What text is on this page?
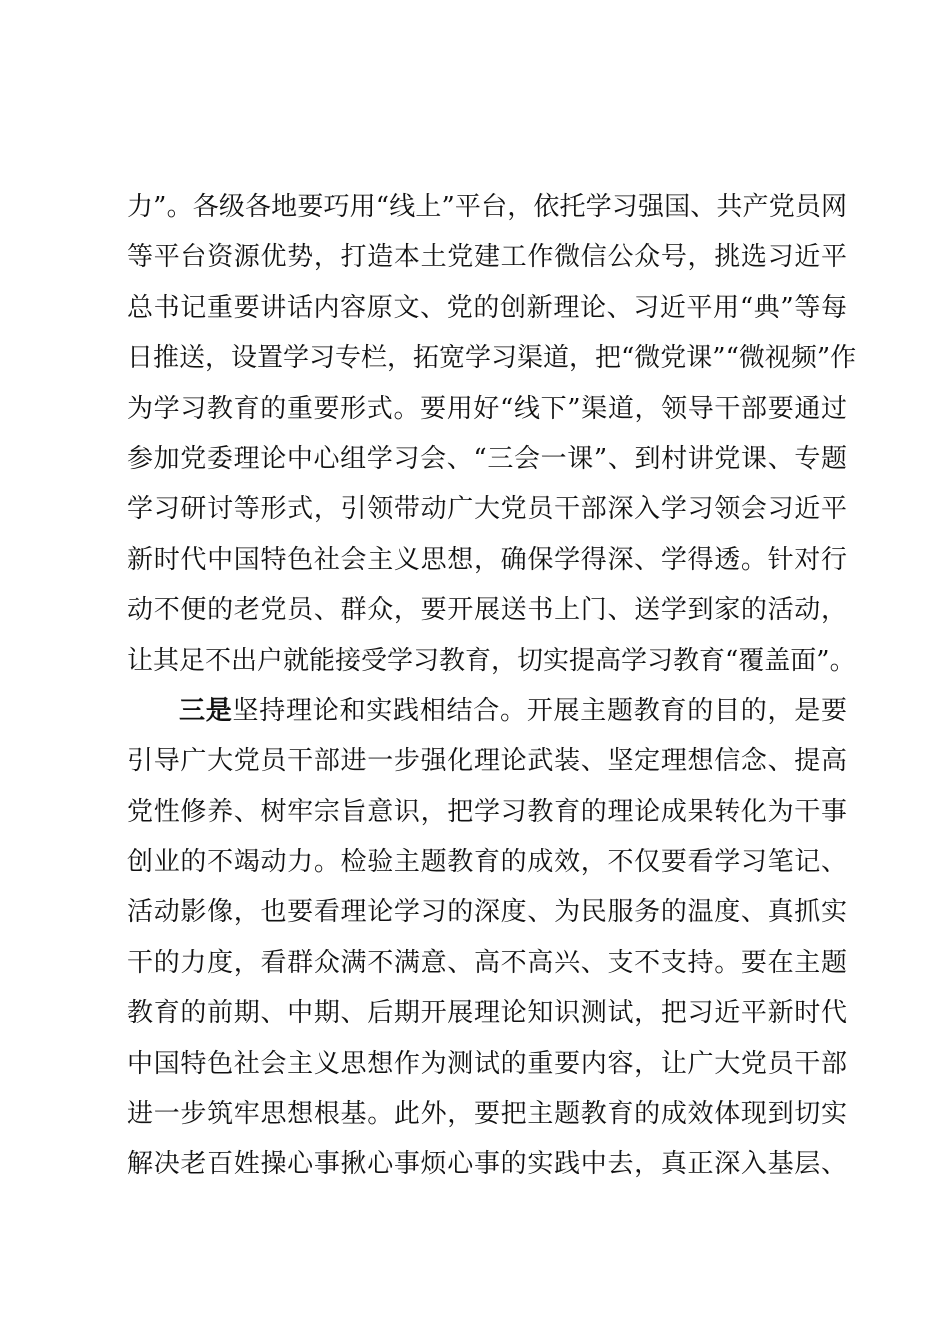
力”。各级各地要巧用“线上”平台，依托学习强国、共产党员网
等平台资源优势，打造本土党建工作微信公众号，挑选习近平
总书记重要讲话内容原文、党的创新理论、习近平用“典”等每
日推送，设置学习专栏，拓宽学习渠道，把“微党课”“微视频”作
为学习教育的重要形式。要用好“线下”渠道，领导干部要通过
参加党委理论中心组学习会、“三会一课”、到村讲党课、专题
学习研讨等形式，引领带动广大党员干部深入学习领会习近平
新时代中国特色社会主义思想，确保学得深、学得透。针对行
动不便的老党员、群众，要开展送书上门、送学到家的活动，
让其足不出户就能接受学习教育，切实提高学习教育“覆盖面”。
三是坚持理论和实践相结合。开展主题教育的目的，是要
引导广大党员干部进一步强化理论武装、坚定理想信念、提高
党性修养、树牢宗旨意识，把学习教育的理论成果转化为干事
创业的不竭动力。检验主题教育的成效，不仅要看学习笔记、
活动影像，也要看理论学习的深度、为民服务的温度、真抓实
干的力度，看群众满不满意、高不高兴、支不支持。要在主题
教育的前期、中期、后期开展理论知识测试，把习近平新时代
中国特色社会主义思想作为测试的重要内容，让广大党员干部
进一步筑牢思想根基。此外，要把主题教育的成效体现到切实
解决老百姓操心事揪心事烦心事的实践中去，真正深入基层、
